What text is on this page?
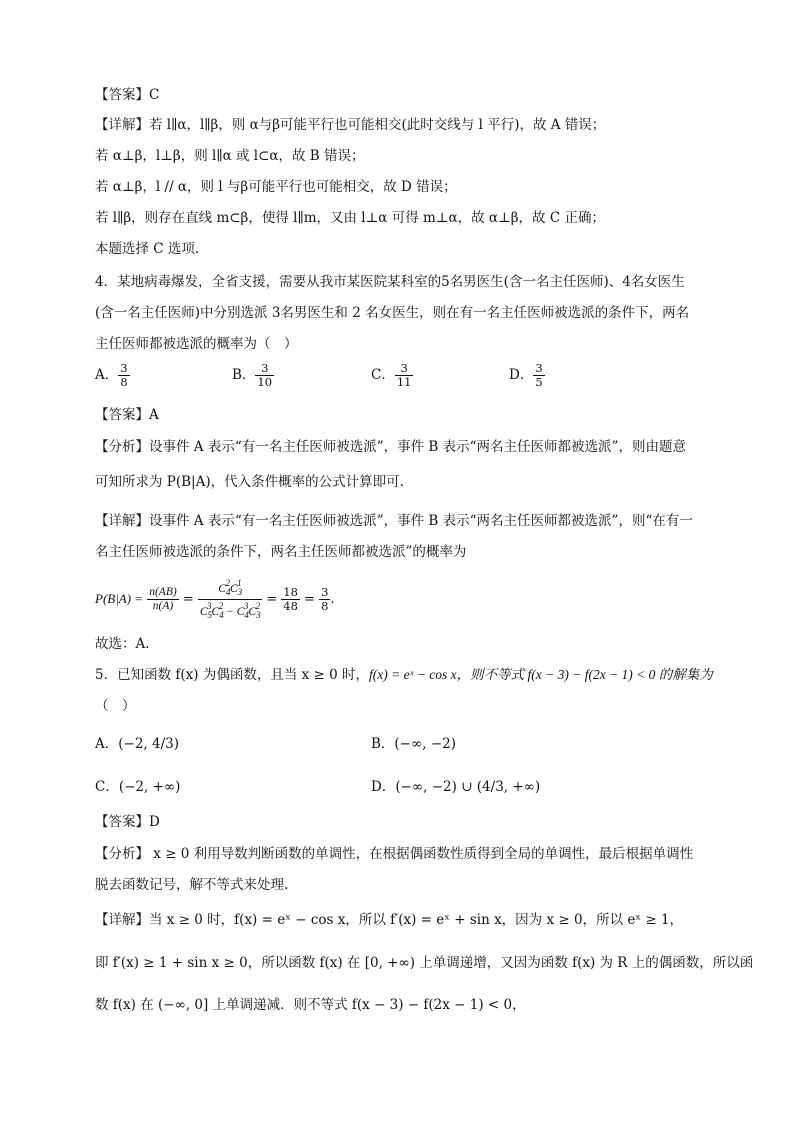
【答案】C
【详解】若 l∥α，l∥β，则 α与β可能平行也可能相交(此时交线与 l 平行)，故 A 错误；
若 α⊥β，l⊥β，则 l∥α 或 l⊂α，故 B 错误；
若 α⊥β，l // α，则 l 与β可能平行也可能相交，故 D 错误；
若 l∥β，则存在直线 m⊂β，使得 l∥m，又由 l⊥α 可得 m⊥α，故 α⊥β，故 C 正确；
本题选择 C 选项.
4．某地病毒爆发，全省支援，需要从我市某医院某科室的5名男医生(含一名主任医师)、4名女医生
(含一名主任医师)中分别选派 3名男医生和 2 名女医生，则在有一名主任医师被选派的条件下，两名
主任医师都被选派的概率为（　）
A． $\frac{3}{8}$	B． $\frac{3}{10}$	C． $\frac{3}{11}$	D． $\frac{3}{5}$
【答案】A
【分析】设事件 A 表示“有一名主任医师被选派”，事件 B 表示“两名主任医师都被选派”，则由题意
可知所求为 P(B|A)，代入条件概率的公式计算即可.
【详解】设事件 A 表示“有一名主任医师被选派”，事件 B 表示“两名主任医师都被选派”，则“在有一
名主任医师被选派的条件下，两名主任医师都被选派”的概率为
$P(B|A) = \frac{n(AB)}{n(A)} = \frac{C_4^2C_3^1}{C_5^3C_4^2 - C_4^3C_3^2} = \frac{18}{48} = \frac{3}{8}$ .
故选：A.
5．已知函数 f(x) 为偶函数，且当 x ≥ 0 时，f(x) = eˣ − cos x，则不等式 f(x − 3) − f(2x − 1) < 0 的解集为
（　）
A．(−2, 4/3)	B．(−∞, −2)
C．(−2, +∞)	D．(−∞, −2) ∪ (4/3, +∞)
【答案】D
【分析】 x ≥ 0 利用导数判断函数的单调性，在根据偶函数性质得到全局的单调性，最后根据单调性
脱去函数记号，解不等式来处理.
【详解】当 x ≥ 0 时，f(x) = eˣ − cos x，所以 f′(x) = eˣ + sin x，因为 x ≥ 0，所以 eˣ ≥ 1，
即 f′(x) ≥ 1 + sin x ≥ 0，所以函数 f(x) 在 [0, +∞) 上单调递增，又因为函数 f(x) 为 R 上的偶函数，所以函
数 f(x) 在 (−∞, 0] 上单调递减．则不等式 f(x − 3) − f(2x − 1) < 0，
